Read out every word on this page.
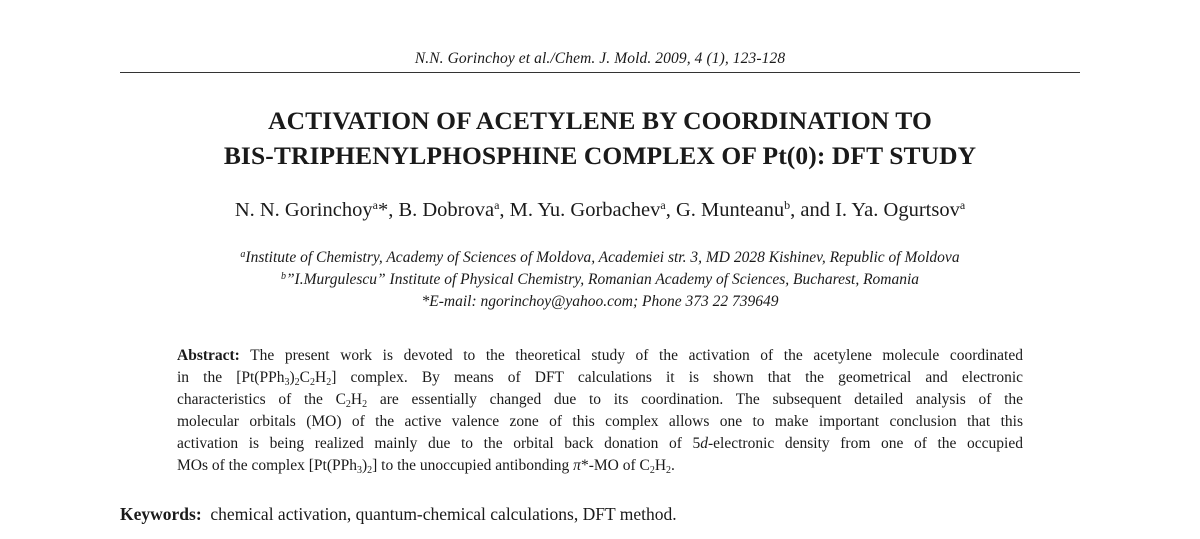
N.N. Gorinchoy et al./Chem. J. Mold. 2009, 4 (1), 123-128
ACTIVATION OF ACETYLENE BY COORDINATION TO
BIS-TRIPHENYLPHOSPHINE COMPLEX OF Pt(0): DFT STUDY
N. N. Gorinchoy$^a$*, B. Dobrova$^a$, M. Yu. Gorbachev$^a$, G. Munteanu$^b$, and I. Ya. Ogurtsov$^a$
$^a$Institute of Chemistry, Academy of Sciences of Moldova, Academiei str. 3, MD 2028 Kishinev, Republic of Moldova
$^b$”I.Murgulescu” Institute of Physical Chemistry, Romanian Academy of Sciences, Bucharest, Romania
*E-mail: ngorinchoy@yahoo.com; Phone 373 22 739649
Abstract: The present work is devoted to the theoretical study of the activation of the acetylene molecule coordinated
in the $[Pt(PPh_3)_2C_2H_2]$ complex. By means of DFT calculations it is shown that the geometrical and electronic
characteristics of the $C_2H_2$ are essentially changed due to its coordination. The subsequent detailed analysis of the
molecular orbitals (MO) of the active valence zone of this complex allows one to make important conclusion that this
activation is being realized mainly due to the orbital back donation of 5d-electronic density from one of the occupied
MOs of the complex $[Pt(PPh_3)_2]$ to the unoccupied antibonding π*-MO of $C_2H_2$.
Keywords: chemical activation, quantum-chemical calculations, DFT method.
